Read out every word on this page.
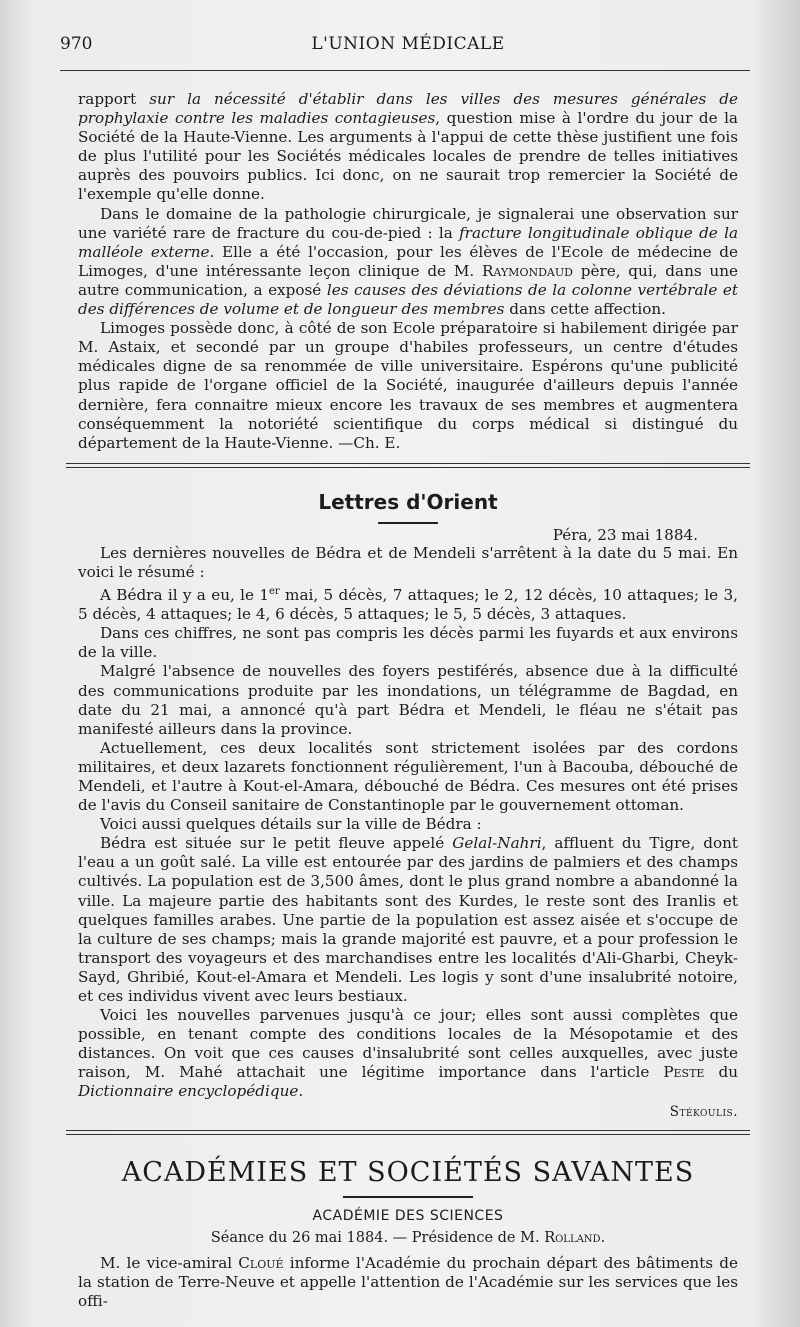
970	L'UNION MÉDICALE

rapport sur la nécessité d'établir dans les villes des mesures générales de prophylaxie contre les maladies contagieuses, question mise à l'ordre du jour de la Société de la Haute-Vienne. Les arguments à l'appui de cette thèse justifient une fois de plus l'utilité pour les Sociétés médicales locales de prendre de telles initiatives auprès des pouvoirs publics. Ici donc, on ne saurait trop remercier la Société de l'exemple qu'elle donne.

Dans le domaine de la pathologie chirurgicale, je signalerai une observation sur une variété rare de fracture du cou-de-pied : la fracture longitudinale oblique de la malléole externe. Elle a été l'occasion, pour les élèves de l'Ecole de médecine de Limoges, d'une intéressante leçon clinique de M. Raymondaud père, qui, dans une autre communication, a exposé les causes des déviations de la colonne vertébrale et des différences de volume et de longueur des membres dans cette affection.

Limoges possède donc, à côté de son Ecole préparatoire si habilement dirigée par M. Astaix, et secondé par un groupe d'habiles professeurs, un centre d'études médicales digne de sa renommée de ville universitaire. Espérons qu'une publicité plus rapide de l'organe officiel de la Société, inaugurée d'ailleurs depuis l'année dernière, fera connaitre mieux encore les travaux de ses membres et augmentera conséquemment la notoriété scientifique du corps médical si distingué du département de la Haute-Vienne. —Ch. E.

Lettres d'Orient
Péra, 23 mai 1884.

Les dernières nouvelles de Bédra et de Mendeli s'arrêtent à la date du 5 mai. En voici le résumé :

A Bédra il y a eu, le 1er mai, 5 décès, 7 attaques; le 2, 12 décès, 10 attaques; le 3, 5 décès, 4 attaques; le 4, 6 décès, 5 attaques; le 5, 5 décès, 3 attaques.

Dans ces chiffres, ne sont pas compris les décès parmi les fuyards et aux environs de la ville.

Malgré l'absence de nouvelles des foyers pestiférés, absence due à la difficulté des communications produite par les inondations, un télégramme de Bagdad, en date du 21 mai, a annoncé qu'à part Bédra et Mendeli, le fléau ne s'était pas manifesté ailleurs dans la province.

Actuellement, ces deux localités sont strictement isolées par des cordons militaires, et deux lazarets fonctionnent régulièrement, l'un à Bacouba, débouché de Mendeli, et l'autre à Kout-el-Amara, débouché de Bédra. Ces mesures ont été prises de l'avis du Conseil sanitaire de Constantinople par le gouvernement ottoman.

Voici aussi quelques détails sur la ville de Bédra :

Bédra est située sur le petit fleuve appelé Gelal-Nahri, affluent du Tigre, dont l'eau a un goût salé. La ville est entourée par des jardins de palmiers et des champs cultivés. La population est de 3,500 âmes, dont le plus grand nombre a abandonné la ville. La majeure partie des habitants sont des Kurdes, le reste sont des Iranlis et quelques familles arabes. Une partie de la population est assez aisée et s'occupe de la culture de ses champs; mais la grande majorité est pauvre, et a pour profession le transport des voyageurs et des marchandises entre les localités d'Ali-Gharbi, Cheyk-Sayd, Ghribié, Kout-el-Amara et Mendeli. Les logis y sont d'une insalubrité notoire, et ces individus vivent avec leurs bestiaux.

Voici les nouvelles parvenues jusqu'à ce jour; elles sont aussi complètes que possible, en tenant compte des conditions locales de la Mésopotamie et des distances. On voit que ces causes d'insalubrité sont celles auxquelles, avec juste raison, M. Mahé attachait une légitime importance dans l'article Peste du Dictionnaire encyclopédique.

Stékoulis.
ACADÉMIES ET SOCIÉTÉS SAVANTES
ACADÉMIE DES SCIENCES
Séance du 26 mai 1884. — Présidence de M. Rolland.

M. le vice-amiral Cloué informe l'Académie du prochain départ des bâtiments de la station de Terre-Neuve et appelle l'attention de l'Académie sur les services que les offi-
